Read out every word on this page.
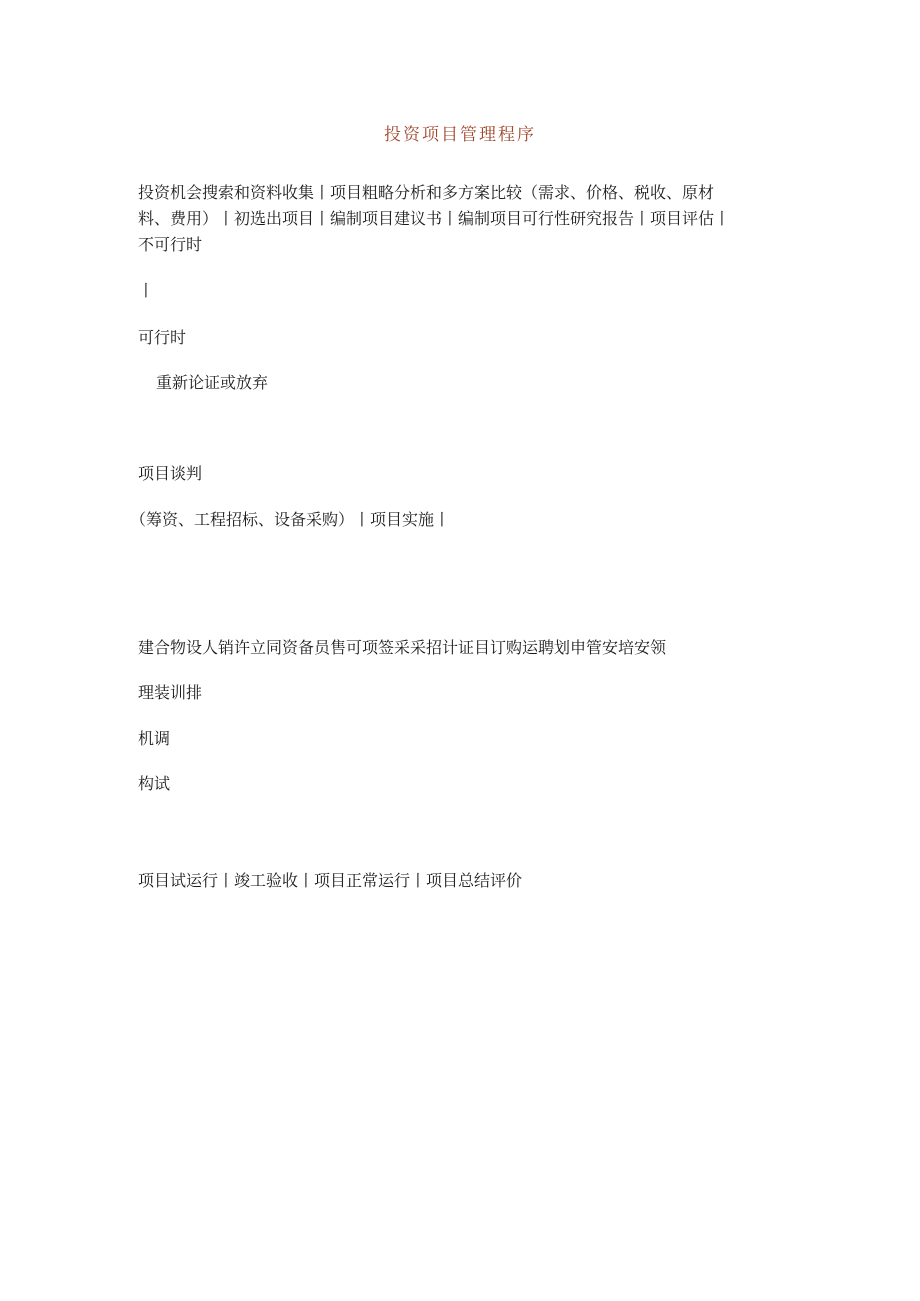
投资项目管理程序
投资机会搜索和资料收集丨项目粗略分析和多方案比较（需求、价格、税收、原材
料、费用）丨初选出项目丨编制项目建议书丨编制项目可行性研究报告丨项目评估丨
不可行时
丨
可行时
重新论证或放弃
项目谈判
（筹资、工程招标、设备采购）丨项目实施丨
建合物设人销许立同资备员售可项签采采招计证目订购运聘划申管安培安领
理装训排
机调
构试
项目试运行丨竣工验收丨项目正常运行丨项目总结评价
